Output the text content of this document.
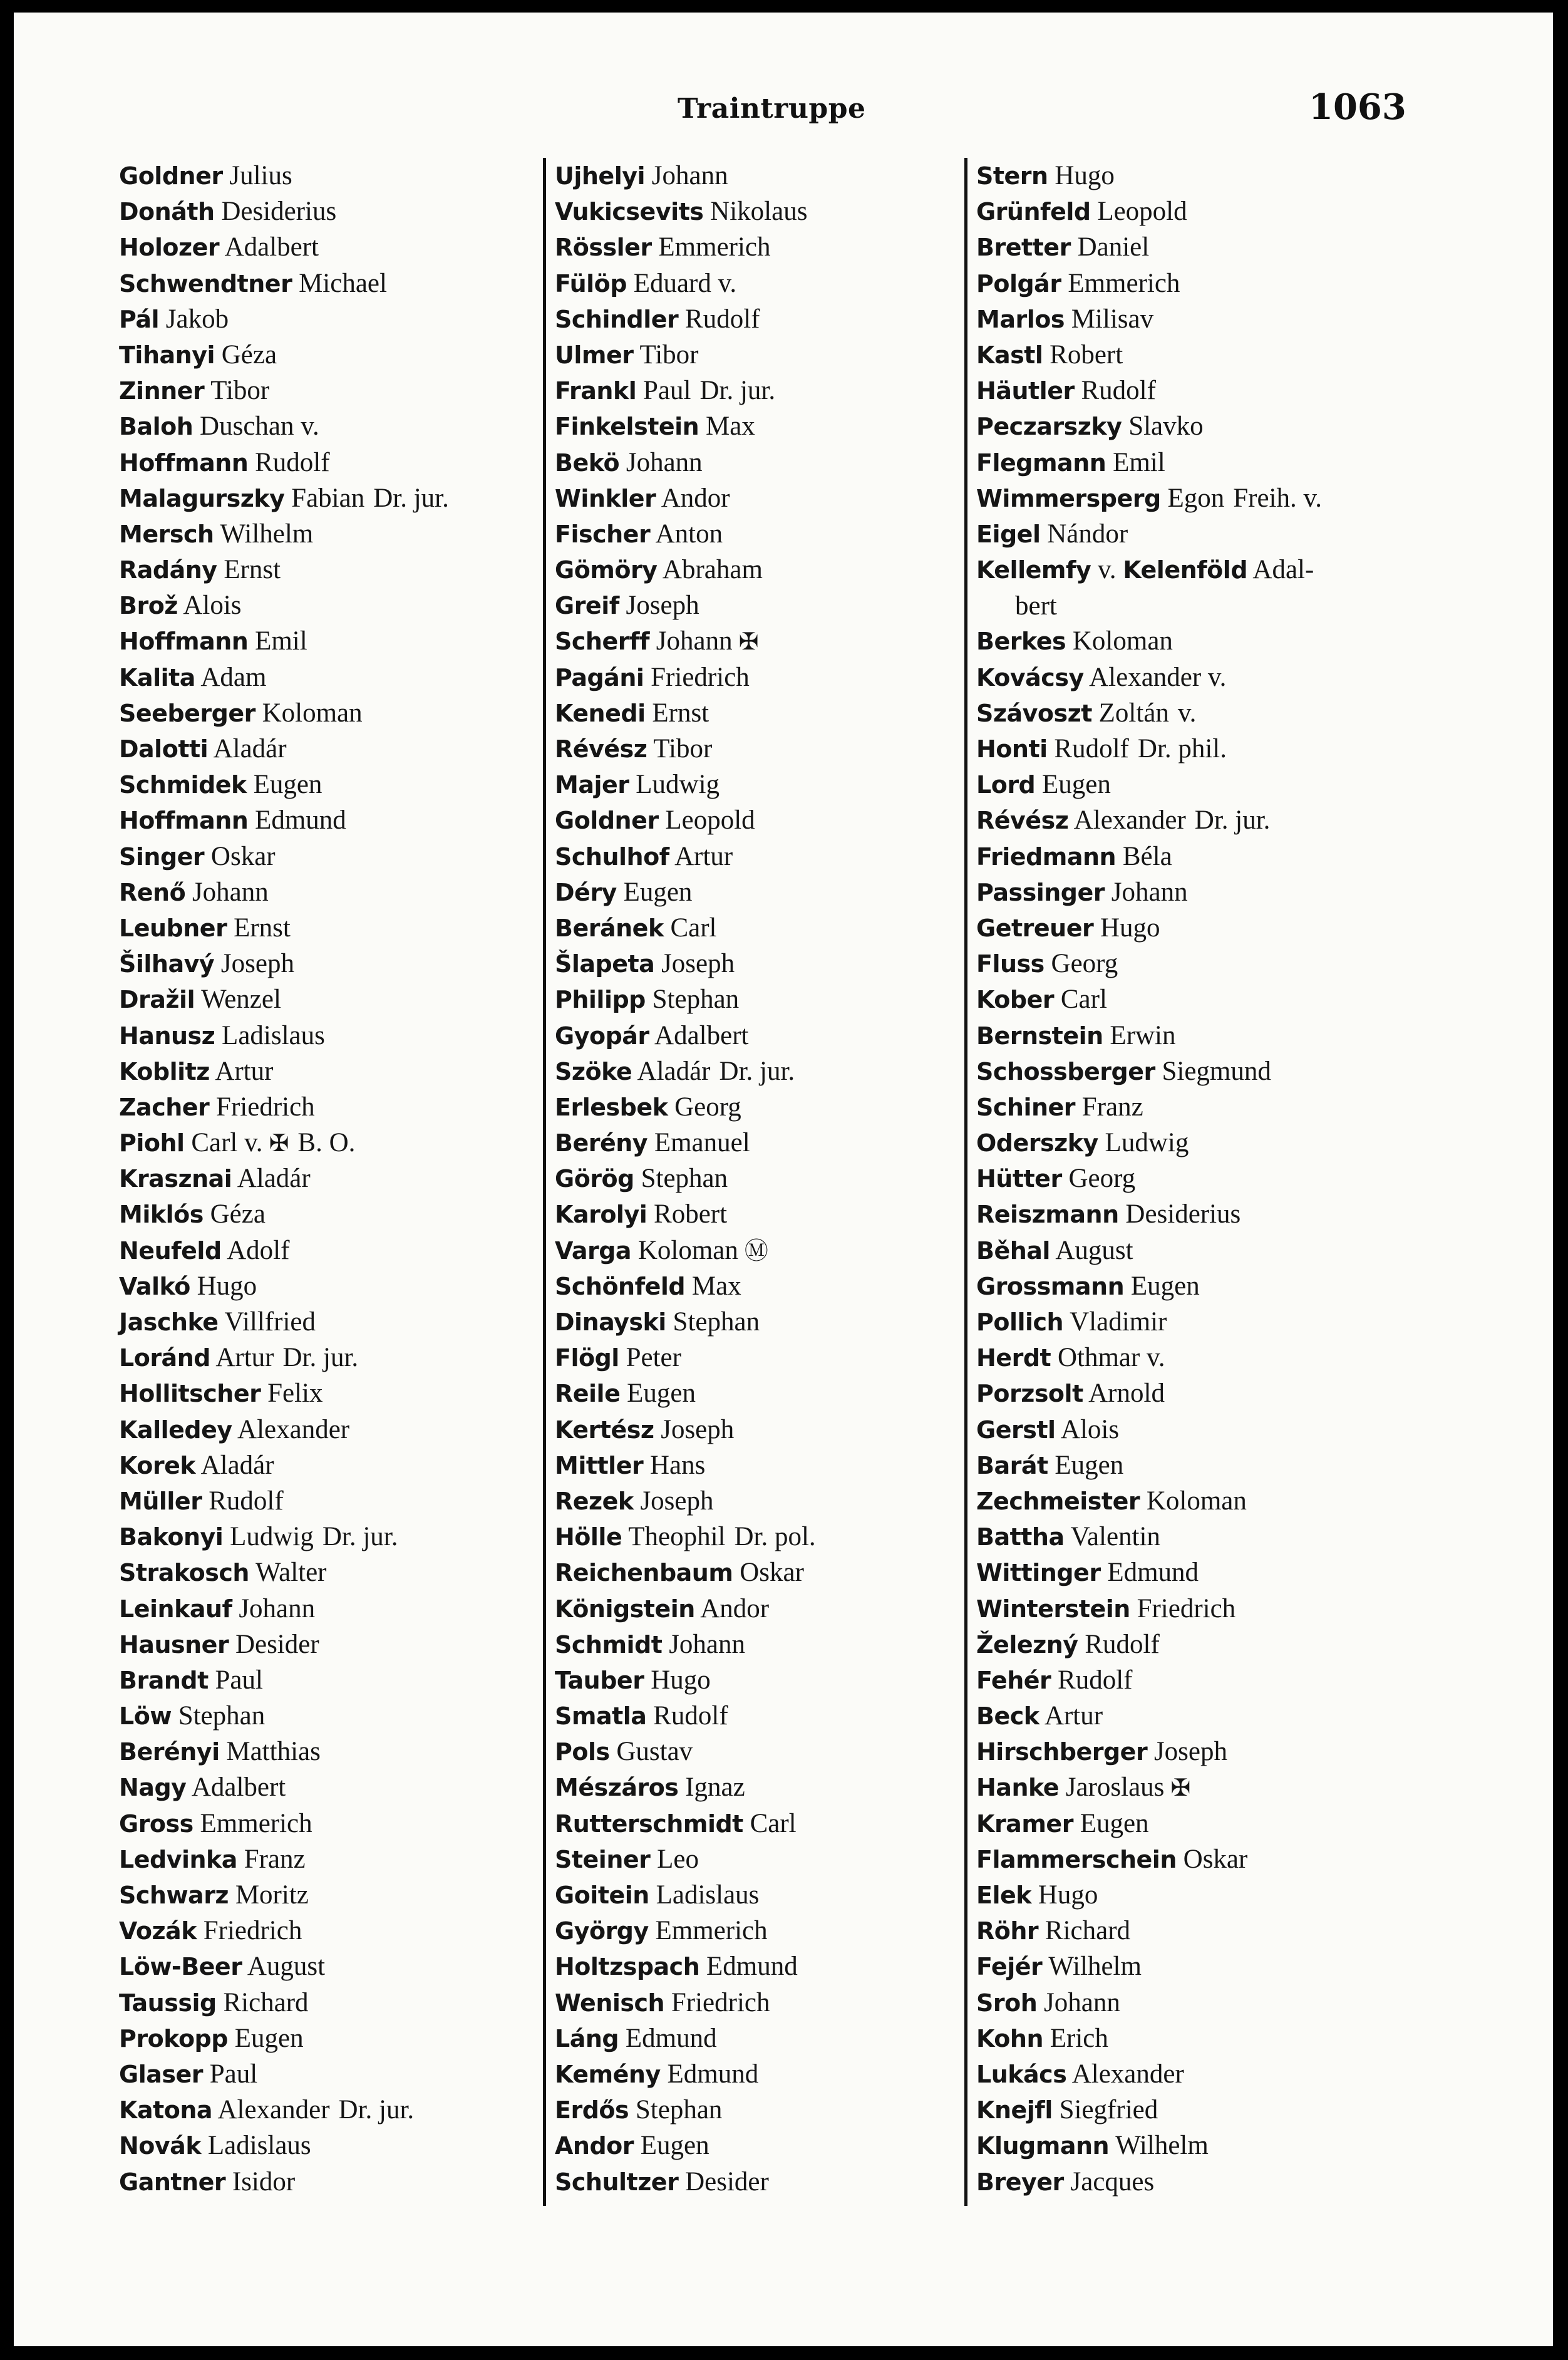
Traintruppe	1063
Goldner Julius
Donáth Desiderius
Holozer Adalbert
Schwendtner Michael
Pál Jakob
Tihanyi Géza
Zinner Tibor
Baloh Duschan v.
Hoffmann Rudolf
Malagurszky Fabian Dr. jur.
Mersch Wilhelm
Radány Ernst
Brož Alois
Hoffmann Emil
Kalita Adam
Seeberger Koloman
Dalotti Aladár
Schmidek Eugen
Hoffmann Edmund
Singer Oskar
Renő Johann
Leubner Ernst
Šilhavý Joseph
Dražil Wenzel
Hanusz Ladislaus
Koblitz Artur
Zacher Friedrich
Piohl Carl v. ✠ B. O.
Krasznai Aladár
Miklós Géza
Neufeld Adolf
Valkó Hugo
Jaschke Villfried
Loránd Artur Dr. jur.
Hollitscher Felix
Kalledey Alexander
Korek Aladár
Müller Rudolf
Bakonyi Ludwig Dr. jur.
Strakosch Walter
Leinkauf Johann
Hausner Desider
Brandt Paul
Löw Stephan
Berényi Matthias
Nagy Adalbert
Gross Emmerich
Ledvinka Franz
Schwarz Moritz
Vozák Friedrich
Löw-Beer August
Taussig Richard
Prokopp Eugen
Glaser Paul
Katona Alexander Dr. jur.
Novák Ladislaus
Gantner Isidor
Ujhelyi Johann
Vukicsevits Nikolaus
Rössler Emmerich
Fülöp Eduard v.
Schindler Rudolf
Ulmer Tibor
Frankl Paul Dr. jur.
Finkelstein Max
Bekö Johann
Winkler Andor
Fischer Anton
Gömöry Abraham
Greif Joseph
Scherff Johann ✠
Pagáni Friedrich
Kenedi Ernst
Révész Tibor
Majer Ludwig
Goldner Leopold
Schulhof Artur
Déry Eugen
Beránek Carl
Šlapeta Joseph
Philipp Stephan
Gyopár Adalbert
Szöke Aladár Dr. jur.
Erlesbek Georg
Berény Emanuel
Görög Stephan
Karolyi Robert
Varga Koloman Ⓜ
Schönfeld Max
Dinayski Stephan
Flögl Peter
Reile Eugen
Kertész Joseph
Mittler Hans
Rezek Joseph
Hölle Theophil Dr. pol.
Reichenbaum Oskar
Königstein Andor
Schmidt Johann
Tauber Hugo
Smatla Rudolf
Pols Gustav
Mészáros Ignaz
Rutterschmidt Carl
Steiner Leo
Goitein Ladislaus
György Emmerich
Holtzspach Edmund
Wenisch Friedrich
Láng Edmund
Kemény Edmund
Erdős Stephan
Andor Eugen
Schultzer Desider
Stern Hugo
Grünfeld Leopold
Bretter Daniel
Polgár Emmerich
Marlos Milisav
Kastl Robert
Häutler Rudolf
Peczarszky Slavko
Flegmann Emil
Wimmersperg Egon Freih. v.
Eigel Nándor
Kellemfy v. Kelenföld Adal-
bert
Berkes Koloman
Kovácsy Alexander v.
Szávoszt Zoltán v.
Honti Rudolf Dr. phil.
Lord Eugen
Révész Alexander Dr. jur.
Friedmann Béla
Passinger Johann
Getreuer Hugo
Fluss Georg
Kober Carl
Bernstein Erwin
Schossberger Siegmund
Schiner Franz
Oderszky Ludwig
Hütter Georg
Reiszmann Desiderius
Běhal August
Grossmann Eugen
Pollich Vladimir
Herdt Othmar v.
Porzsolt Arnold
Gerstl Alois
Barát Eugen
Zechmeister Koloman
Battha Valentin
Wittinger Edmund
Winterstein Friedrich
Železný Rudolf
Fehér Rudolf
Beck Artur
Hirschberger Joseph
Hanke Jaroslaus ✠
Kramer Eugen
Flammerschein Oskar
Elek Hugo
Röhr Richard
Fejér Wilhelm
Sroh Johann
Kohn Erich
Lukács Alexander
Knejfl Siegfried
Klugmann Wilhelm
Breyer Jacques
